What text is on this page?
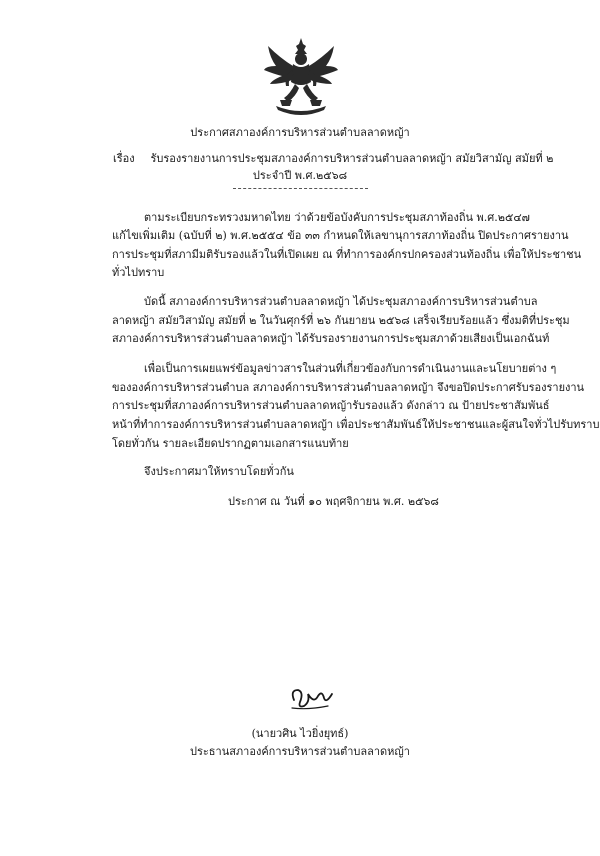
ประกาศสภาองค์การบริหารส่วนตำบลลาดหญ้า
เรื่อง รับรองรายงานการประชุมสภาองค์การบริหารส่วนตำบลลาดหญ้า สมัยวิสามัญ สมัยที่ ๒
ประจำปี พ.ศ.๒๕๖๘
ตามระเบียบกระทรวงมหาดไทย ว่าด้วยข้อบังคับการประชุมสภาท้องถิ่น พ.ศ.๒๕๔๗
แก้ไขเพิ่มเติม (ฉบับที่ ๒) พ.ศ.๒๕๕๔ ข้อ ๓๓ กำหนดให้เลขานุการสภาท้องถิ่น ปิดประกาศรายงาน
การประชุมที่สภามีมติรับรองแล้วในที่เปิดเผย ณ ที่ทำการองค์กรปกครองส่วนท้องถิ่น เพื่อให้ประชาชน
ทั่วไปทราบ
บัดนี้ สภาองค์การบริหารส่วนตำบลลาดหญ้า ได้ประชุมสภาองค์การบริหารส่วนตำบล
ลาดหญ้า สมัยวิสามัญ สมัยที่ ๒ ในวันศุกร์ที่ ๒๖ กันยายน ๒๕๖๘ เสร็จเรียบร้อยแล้ว ซึ่งมติที่ประชุม
สภาองค์การบริหารส่วนตำบลลาดหญ้า ได้รับรองรายงานการประชุมสภาด้วยเสียงเป็นเอกฉันท์
เพื่อเป็นการเผยแพร่ข้อมูลข่าวสารในส่วนที่เกี่ยวข้องกับการดำเนินงานและนโยบายต่าง ๆ
ขององค์การบริหารส่วนตำบล สภาองค์การบริหารส่วนตำบลลาดหญ้า จึงขอปิดประกาศรับรองรายงาน
การประชุมที่สภาองค์การบริหารส่วนตำบลลาดหญ้ารับรองแล้ว ดังกล่าว ณ ป้ายประชาสัมพันธ์
หน้าที่ทำการองค์การบริหารส่วนตำบลลาดหญ้า เพื่อประชาสัมพันธ์ให้ประชาชนและผู้สนใจทั่วไปรับทราบ
โดยทั่วกัน รายละเอียดปรากฏตามเอกสารแนบท้าย
จึงประกาศมาให้ทราบโดยทั่วกัน
ประกาศ ณ วันที่ ๑๐ พฤศจิกายน พ.ศ. ๒๕๖๘
(นายวศิน ไวยิ่งยุทธ์)
ประธานสภาองค์การบริหารส่วนตำบลลาดหญ้า
